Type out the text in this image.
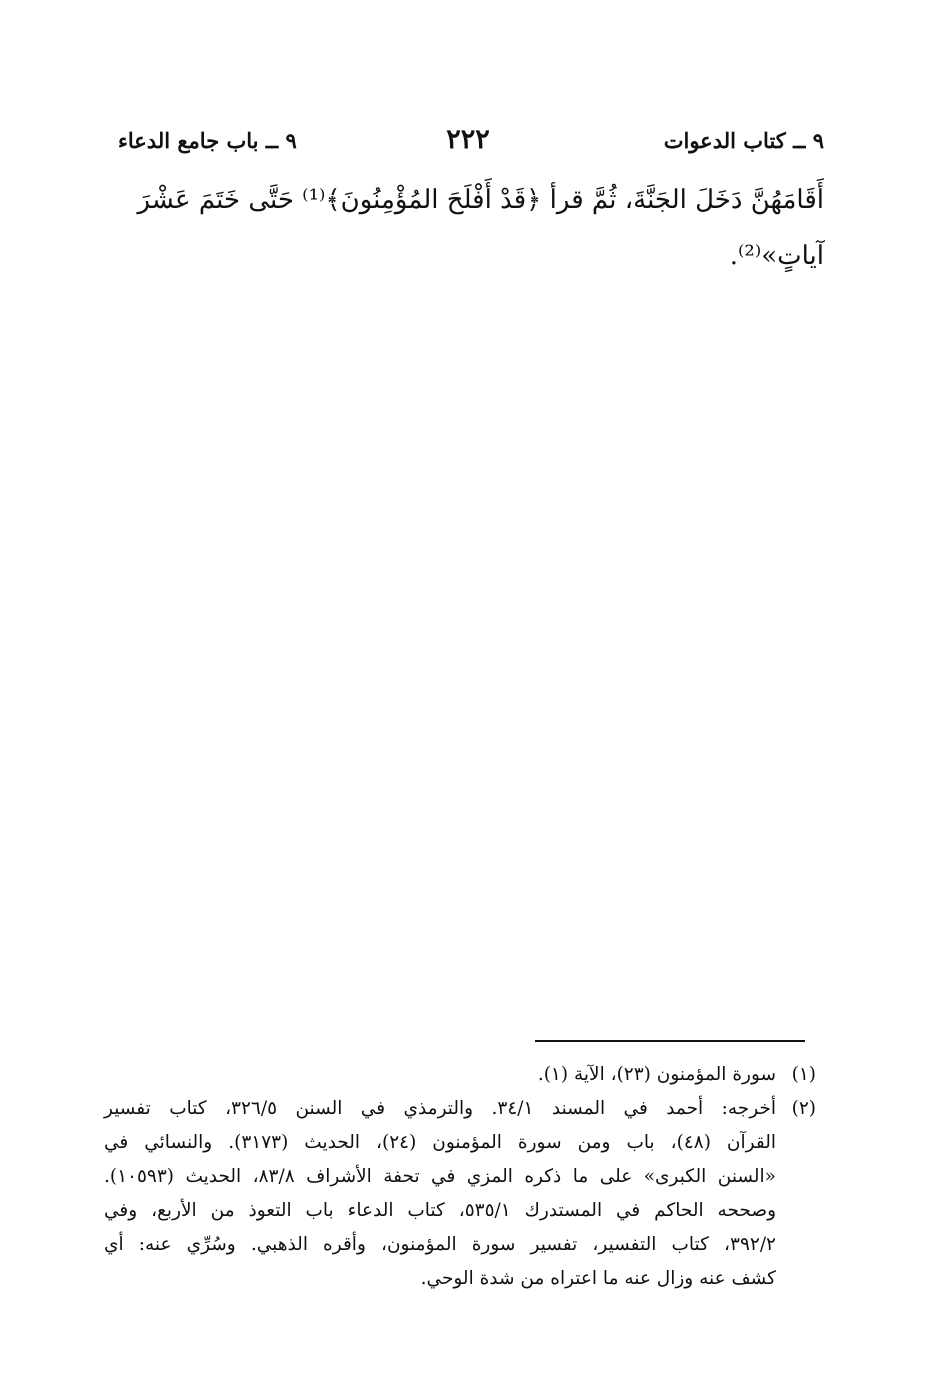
٩ ــ كتاب الدعوات
٢٢٢
٩ ــ باب جامع الدعاء
أَقَامَهُنَّ دَخَلَ الجَنَّةَ، ثُمَّ قرأ ﴿قَدْ أَفْلَحَ المُؤْمِنُونَ﴾⁽¹⁾ حَتَّى خَتَمَ عَشْرَ
آياتٍ»⁽²⁾.
(١)
سورة المؤمنون (٢٣)، الآية (١).
(٢)
أخرجه: أحمد في المسند ٣٤/١. والترمذي في السنن ٣٢٦/٥، كتاب تفسير
القرآن (٤٨)، باب ومن سورة المؤمنون (٢٤)، الحديث (٣١٧٣). والنسائي في
«السنن الكبرى» على ما ذكره المزي في تحفة الأشراف ٨٣/٨، الحديث (١٠٥٩٣).
وصححه الحاكم في المستدرك ٥٣٥/١، كتاب الدعاء باب التعوذ من الأربع، وفي
٣٩٢/٢، كتاب التفسير، تفسير سورة المؤمنون، وأقره الذهبي. وسُرِّي عنه: أي
كشف عنه وزال عنه ما اعتراه من شدة الوحي.
